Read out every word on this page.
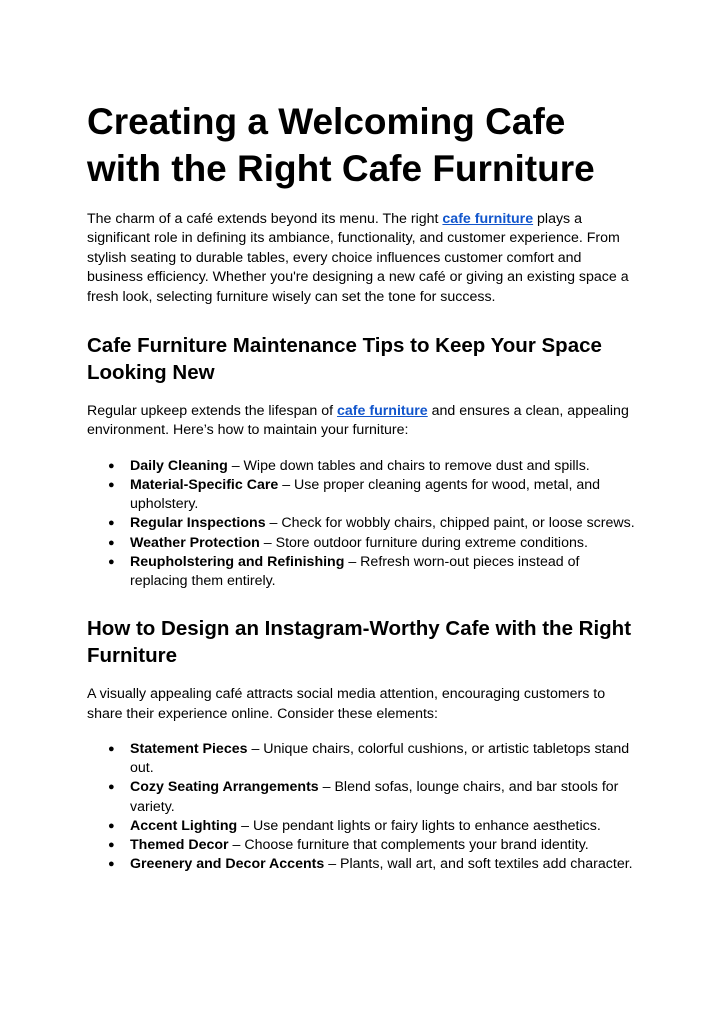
Creating a Welcoming Cafe
with the Right Cafe Furniture

The charm of a café extends beyond its menu. The right cafe furniture plays a significant role in defining its ambiance, functionality, and customer experience. From stylish seating to durable tables, every choice influences customer comfort and business efficiency. Whether you're designing a new café or giving an existing space a fresh look, selecting furniture wisely can set the tone for success.

Cafe Furniture Maintenance Tips to Keep Your Space Looking New

Regular upkeep extends the lifespan of cafe furniture and ensures a clean, appealing environment. Here’s how to maintain your furniture:

● Daily Cleaning – Wipe down tables and chairs to remove dust and spills.
● Material-Specific Care – Use proper cleaning agents for wood, metal, and upholstery.
● Regular Inspections – Check for wobbly chairs, chipped paint, or loose screws.
● Weather Protection – Store outdoor furniture during extreme conditions.
● Reupholstering and Refinishing – Refresh worn-out pieces instead of replacing them entirely.
How to Design an Instagram-Worthy Cafe with the Right Furniture

A visually appealing café attracts social media attention, encouraging customers to share their experience online. Consider these elements:

● Statement Pieces – Unique chairs, colorful cushions, or artistic tabletops stand out.
● Cozy Seating Arrangements – Blend sofas, lounge chairs, and bar stools for variety.
● Accent Lighting – Use pendant lights or fairy lights to enhance aesthetics.
● Themed Decor – Choose furniture that complements your brand identity.
● Greenery and Decor Accents – Plants, wall art, and soft textiles add character.
